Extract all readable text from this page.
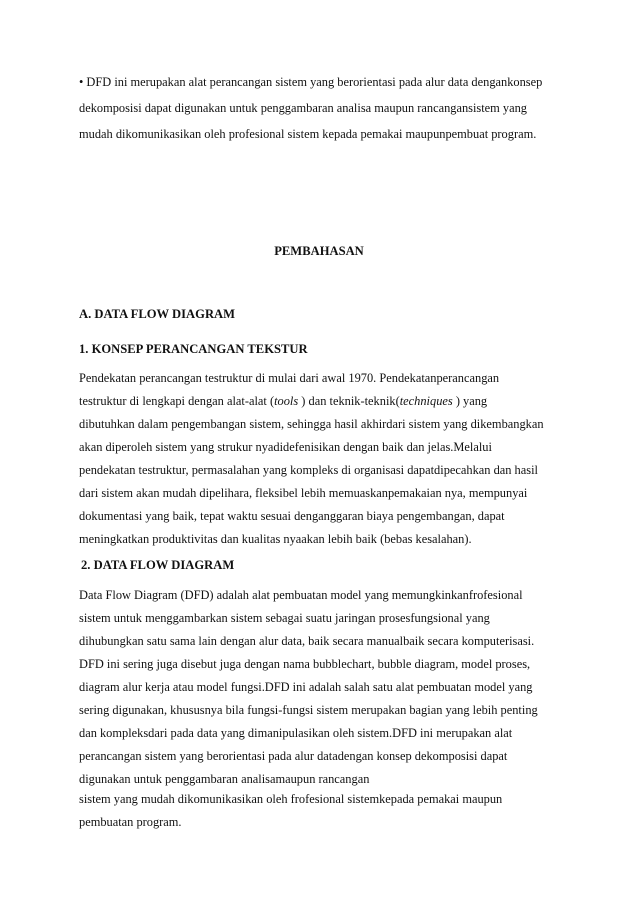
• DFD ini merupakan alat perancangan sistem yang berorientasi pada alur data dengankonsep
dekomposisi dapat digunakan untuk penggambaran analisa maupun rancangansistem yang
mudah dikomunikasikan oleh profesional sistem kepada pemakai maupunpembuat program.
PEMBAHASAN
A. DATA FLOW DIAGRAM
1. KONSEP PERANCANGAN TEKSTUR
Pendekatan perancangan testruktur di mulai dari awal 1970. Pendekatanperancangan
testruktur di lengkapi dengan alat-alat (tools ) dan teknik-teknik(techniques ) yang
dibutuhkan dalam pengembangan sistem, sehingga hasil akhirdari sistem yang dikembangkan
akan diperoleh sistem yang strukur nyadidefenisikan dengan baik dan jelas.Melalui
pendekatan testruktur, permasalahan yang kompleks di organisasi dapatdipecahkan dan hasil
dari sistem akan mudah dipelihara, fleksibel lebih memuaskanpemakaian nya, mempunyai
dokumentasi yang baik, tepat waktu sesuai denganggaran biaya pengembangan, dapat
meningkatkan produktivitas dan kualitas nyaakan lebih baik (bebas kesalahan).
2. DATA FLOW DIAGRAM
Data Flow Diagram (DFD) adalah alat pembuatan model yang memungkinkanfrofesional
sistem untuk menggambarkan sistem sebagai suatu jaringan prosesfungsional yang
dihubungkan satu sama lain dengan alur data, baik secara manualbaik secara komputerisasi.
DFD ini sering juga disebut juga dengan nama bubblechart, bubble diagram, model proses,
diagram alur kerja atau model fungsi.DFD ini adalah salah satu alat pembuatan model yang
sering digunakan, khususnya bila fungsi-fungsi sistem merupakan bagian yang lebih penting
dan kompleksdari pada data yang dimanipulasikan oleh sistem.DFD ini merupakan alat
perancangan sistem yang berorientasi pada alur datadengan konsep dekomposisi dapat
digunakan untuk penggambaran analisamaupun rancangan
sistem yang mudah dikomunikasikan oleh frofesional sistemkepada pemakai maupun
pembuatan program.
